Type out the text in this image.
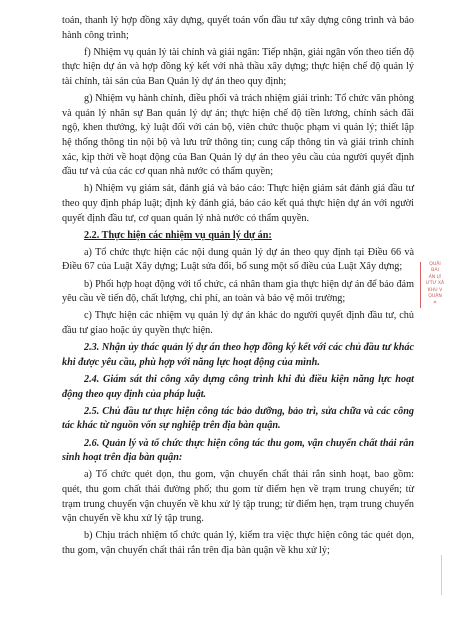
toán, thanh lý hợp đồng xây dựng, quyết toán vốn đầu tư xây dựng công trình và bảo hành công trình;

f) Nhiệm vụ quản lý tài chính và giải ngân: Tiếp nhận, giải ngân vốn theo tiến độ thực hiện dự án và hợp đồng ký kết với nhà thầu xây dựng; thực hiện chế độ quản lý tài chính, tài sản của Ban Quản lý dự án theo quy định;

g) Nhiệm vụ hành chính, điều phối và trách nhiệm giải trình: Tổ chức văn phòng và quản lý nhân sự Ban quản lý dự án; thực hiện chế độ tiền lương, chính sách đãi ngộ, khen thưởng, kỷ luật đối với cán bộ, viên chức thuộc phạm vi quản lý; thiết lập hệ thống thông tin nội bộ và lưu trữ thông tin; cung cấp thông tin và giải trình chính xác, kịp thời về hoạt động của Ban Quản lý dự án theo yêu cầu của người quyết định đầu tư và của các cơ quan nhà nước có thẩm quyền;

h) Nhiệm vụ giám sát, đánh giá và báo cáo: Thực hiện giám sát đánh giá đầu tư theo quy định pháp luật; định kỳ đánh giá, báo cáo kết quả thực hiện dự án với người quyết định đầu tư, cơ quan quản lý nhà nước có thẩm quyền.

2.2. Thực hiện các nhiệm vụ quản lý dự án:

a) Tổ chức thực hiện các nội dung quản lý dự án theo quy định tại Điều 66 và Điều 67 của Luật Xây dựng; Luật sửa đổi, bổ sung một số điều của Luật Xây dựng;

b) Phối hợp hoạt động với tổ chức, cá nhân tham gia thực hiện dự án để bảo đảm yêu cầu về tiến độ, chất lượng, chi phí, an toàn và bảo vệ môi trường;

c) Thực hiện các nhiệm vụ quản lý dự án khác do người quyết định đầu tư, chủ đầu tư giao hoặc ủy quyền thực hiện.

2.3. Nhận ủy thác quản lý dự án theo hợp đồng ký kết với các chủ đầu tư khác khi được yêu cầu, phù hợp với năng lực hoạt động của mình.

2.4. Giám sát thi công xây dựng công trình khi đủ điều kiện năng lực hoạt động theo quy định của pháp luật.

2.5. Chủ đầu tư thực hiện công tác bảo dưỡng, bảo trì, sửa chữa và các công tác khác từ nguồn vốn sự nghiệp trên địa bàn quận.

2.6. Quản lý và tổ chức thực hiện công tác thu gom, vận chuyển chất thải rắn sinh hoạt trên địa bàn quận:

a) Tổ chức quét dọn, thu gom, vận chuyển chất thải rắn sinh hoạt, bao gồm: quét, thu gom chất thải đường phố; thu gom từ điểm hẹn về trạm trung chuyển; từ trạm trung chuyển vận chuyển về khu xử lý tập trung; từ điểm hẹn, trạm trung chuyển vận chuyển về khu xử lý tập trung.

b) Chịu trách nhiệm tổ chức quản lý, kiểm tra việc thực hiện công tác quét dọn, thu gom, vận chuyển chất thải rắn trên địa bàn quận về khu xử lý;

QUẬI
BAI
ÁN LÝ
ƯTƯ XÂ
KHU V
QUẬN
*
